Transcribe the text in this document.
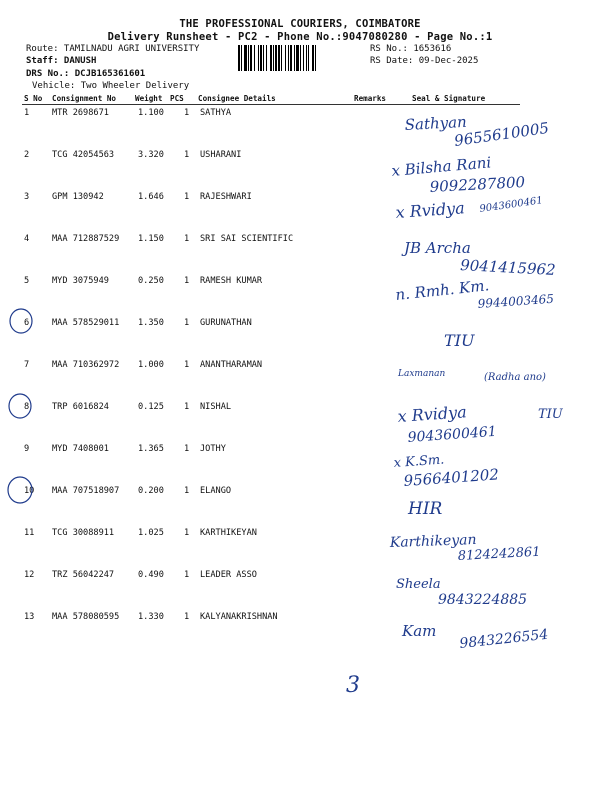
THE PROFESSIONAL COURIERS, COIMBATORE
Delivery Runsheet - PC2 - Phone No.:9047080280 - Page No.:1
Route: TAMILNADU AGRI UNIVERSITY
Staff: DANUSH
DRS No.: DCJB165361601
Vehicle: Two Wheeler Delivery
RS No.: 1653616
RS Date: 09-Dec-2025
S No Consignment No Weight PCS Consignee Details	Remarks	Seal & Signature
1	MTR 2698671	1.100 1 SATHYA
2	TCG 42054563	3.320 1 USHARANI
3	GPM 130942	1.646 1 RAJESHWARI
4	MAA 712887529 1.150 1 SRI SAI SCIENTIFIC
5	MYD 3075949	0.250 1 RAMESH KUMAR
6	MAA 578529011 1.350 1 GURUNATHAN
7	MAA 710362972 1.000 1 ANANTHARAMAN
8	TRP 6016824	0.125 1 NISHAL
9	MYD 7408001	1.365 1 JOTHY
10 MAA 707518907 0.200 1 ELANGO
11 TCG 30088911	1.025 1 KARTHIKEYAN
12 TRZ 56042247	0.490 1 LEADER ASSO
13 MAA 578080595 1.330 1 KALYANAKRISHNAN
Sathyan
9655610005
x Bilsha Rani
9092287800
x Rvidya 9043600461
JB Archa
9041415962
n. Rmh. Km.
9944003465
TIU
Laxmanan	(Radha ano)
x Rvidya	TIU
9043600461
x K.Sm.
9566401202
HIR
Karthikeyan
8124242861
Sheela
9843224885
Kam 9843226554
3
